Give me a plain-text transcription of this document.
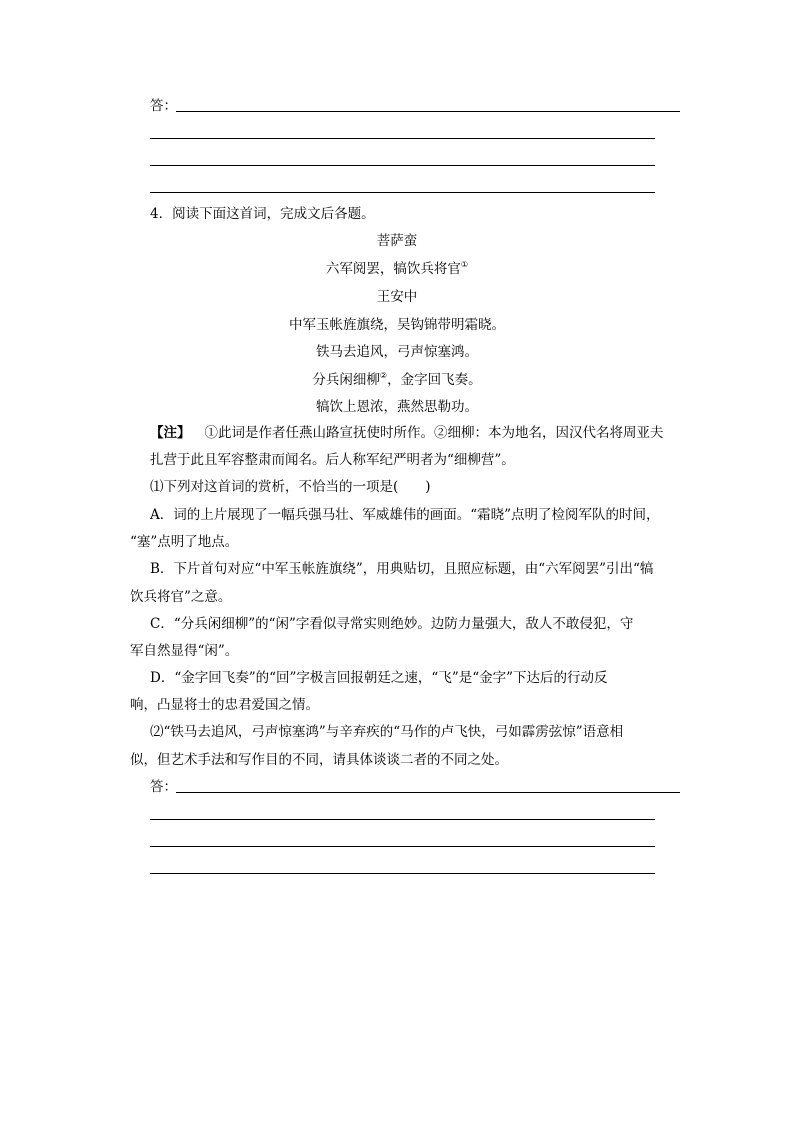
答：
4．阅读下面这首词，完成文后各题。
菩萨蛮
六军阅罢，犒饮兵将官①
王安中
中军玉帐旌旗绕，吴钩锦带明霜晓。
铁马去追风，弓声惊塞鸿。
分兵闲细柳②，金字回飞奏。
犒饮上恩浓，燕然思勒功。
【注】 ①此词是作者任燕山路宣抚使时所作。②细柳：本为地名，因汉代名将周亚夫
扎营于此且军容整肃而闻名。后人称军纪严明者为“细柳营”。
⑴下列对这首词的赏析，不恰当的一项是(　　)
A．词的上片展现了一幅兵强马壮、军威雄伟的画面。“霜晓”点明了检阅军队的时间，
“塞”点明了地点。
B．下片首句对应“中军玉帐旌旗绕”，用典贴切，且照应标题，由“六军阅罢”引出“犒
饮兵将官”之意。
C．“分兵闲细柳”的“闲”字看似寻常实则绝妙。边防力量强大，敌人不敢侵犯，守
军自然显得“闲”。
D．“金字回飞奏”的“回”字极言回报朝廷之速，“飞”是“金字”下达后的行动反
响，凸显将士的忠君爱国之情。
⑵“铁马去追风，弓声惊塞鸿”与辛弃疾的“马作的卢飞快，弓如霹雳弦惊”语意相
似，但艺术手法和写作目的不同，请具体谈谈二者的不同之处。
答：
